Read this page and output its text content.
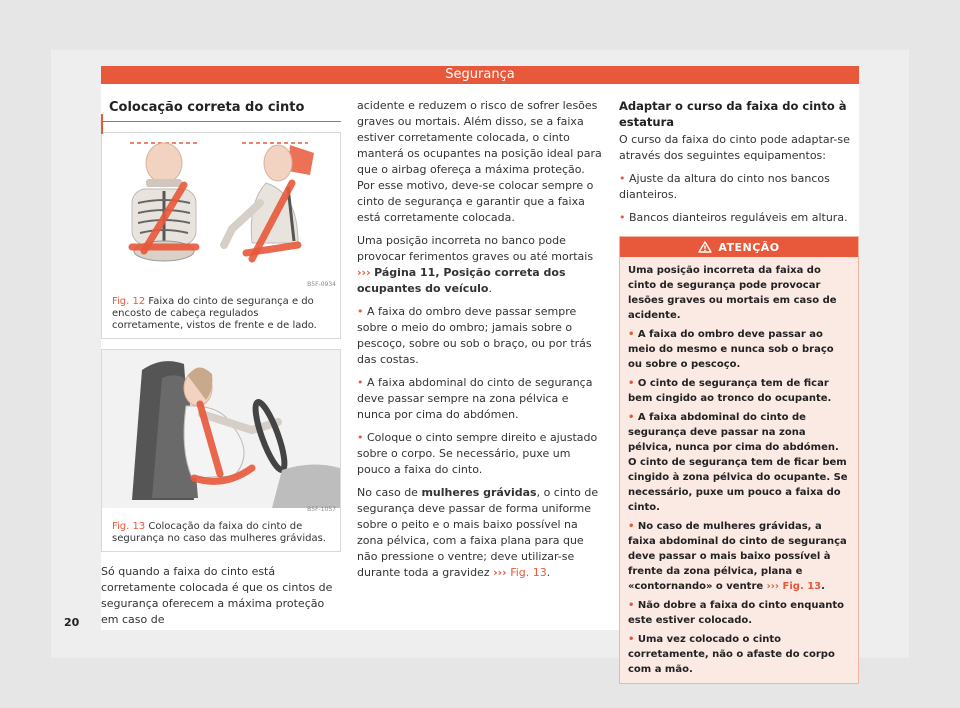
Segurança
Colocação correta do cinto
B5F-0934
Fig. 12 Faixa do cinto de segurança e do encosto de cabeça regulados corretamente, vistos de frente e de lado.
B5F-1057
Fig. 13 Colocação da faixa do cinto de segurança no caso das mulheres grávidas.

Só quando a faixa do cinto está corretamente colocada é que os cintos de segurança oferecem a máxima proteção em caso de

acidente e reduzem o risco de sofrer lesões graves ou mortais. Além disso, se a faixa estiver corretamente colocada, o cinto manterá os ocupantes na posição ideal para que o airbag ofereça a máxima proteção. Por esse motivo, deve-se colocar sempre o cinto de segurança e garantir que a faixa está corretamente colocada.

Uma posição incorreta no banco pode provocar ferimentos graves ou até mortais ››› Página 11, Posição correta dos ocupantes do veículo.

• A faixa do ombro deve passar sempre sobre o meio do ombro; jamais sobre o pescoço, sobre ou sob o braço, ou por trás das costas.

• A faixa abdominal do cinto de segurança deve passar sempre na zona pélvica e nunca por cima do abdómen.

• Coloque o cinto sempre direito e ajustado sobre o corpo. Se necessário, puxe um pouco a faixa do cinto.

No caso de mulheres grávidas, o cinto de segurança deve passar de forma uniforme sobre o peito e o mais baixo possível na zona pélvica, com a faixa plana para que não pressione o ventre; deve utilizar-se durante toda a gravidez ››› Fig. 13.

Adaptar o curso da faixa do cinto à estatura

O curso da faixa do cinto pode adaptar-se através dos seguintes equipamentos:

• Ajuste da altura do cinto nos bancos dianteiros.

• Bancos dianteiros reguláveis em altura.

ATENÇÃO

Uma posição incorreta da faixa do cinto de segurança pode provocar lesões graves ou mortais em caso de acidente.

• A faixa do ombro deve passar ao meio do mesmo e nunca sob o braço ou sobre o pescoço.

• O cinto de segurança tem de ficar bem cingido ao tronco do ocupante.

• A faixa abdominal do cinto de segurança deve passar na zona pélvica, nunca por cima do abdómen. O cinto de segurança tem de ficar bem cingido à zona pélvica do ocupante. Se necessário, puxe um pouco a faixa do cinto.

• No caso de mulheres grávidas, a faixa abdominal do cinto de segurança deve passar o mais baixo possível à frente da zona pélvica, plana e «contornando» o ventre ››› Fig. 13.

• Não dobre a faixa do cinto enquanto este estiver colocado.

• Uma vez colocado o cinto corretamente, não o afaste do corpo com a mão.

20
